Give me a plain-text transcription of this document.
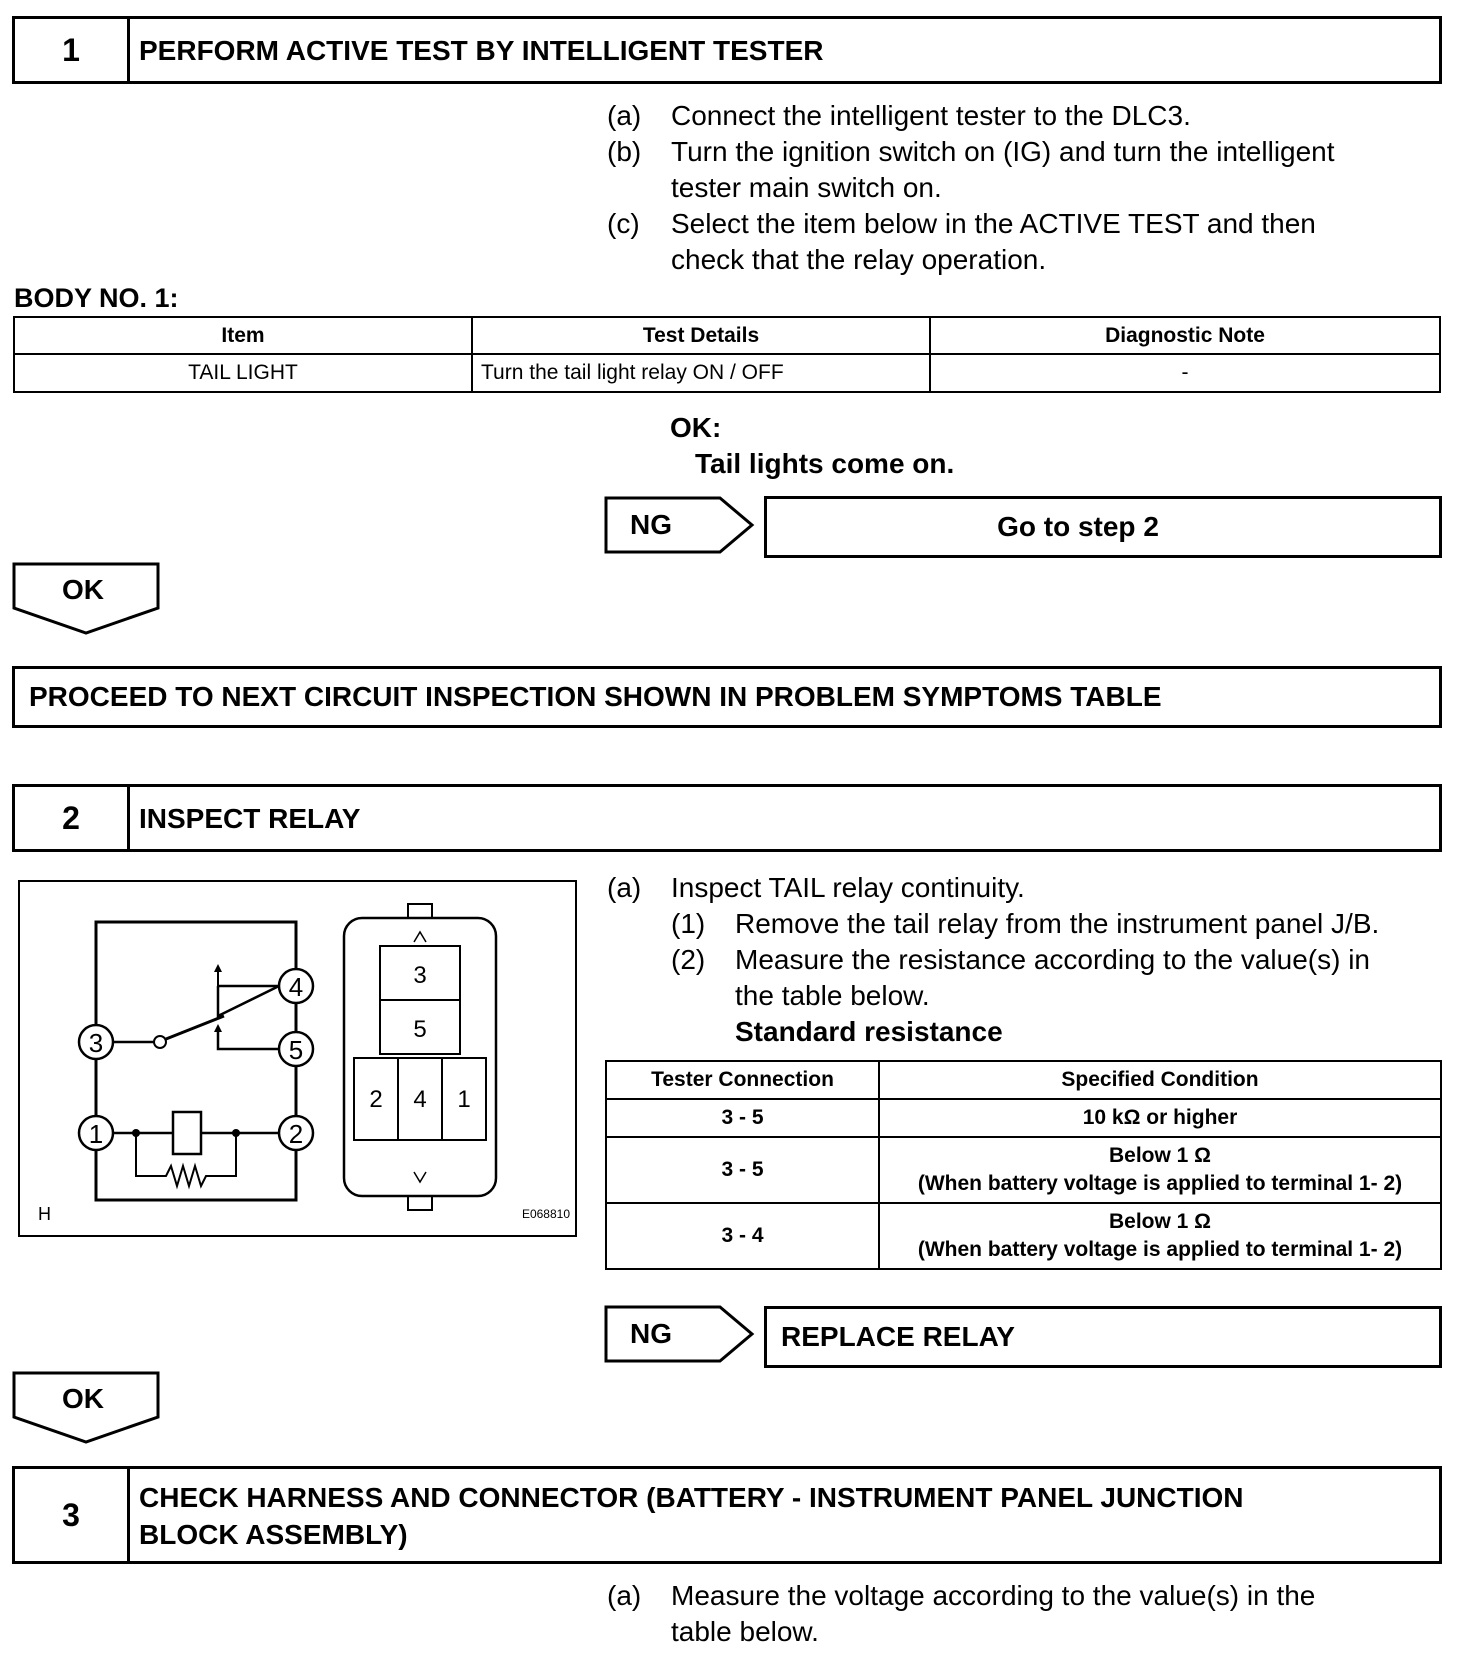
1	PERFORM ACTIVE TEST BY INTELLIGENT TESTER
(a) Connect the intelligent tester to the DLC3.
(b) Turn the ignition switch on (IG) and turn the intelligent
tester main switch on.
(c) Select the item below in the ACTIVE TEST and then
check that the relay operation.
BODY NO. 1:
Item	Test Details	Diagnostic Note
TAIL LIGHT	Turn the tail light relay ON / OFF	-
OK:
Tail lights come on.
NG	Go to step 2
OK
PROCEED TO NEXT CIRCUIT INSPECTION SHOWN IN PROBLEM SYMPTOMS TABLE
2	INSPECT RELAY
3
4
5
1	2
3
5
2 4 1
H	E068810
(a) Inspect TAIL relay continuity.
(1) Remove the tail relay from the instrument panel J/B.
(2) Measure the resistance according to the value(s) in
the table below.
Standard resistance
Tester Connection	Specified Condition
3 - 5	10 kΩ or higher
3 - 5	Below 1 Ω
(When battery voltage is applied to terminal 1- 2)

3 - 4	Below 1 Ω
(When battery voltage is applied to terminal 1- 2)
NG	REPLACE RELAY
OK
3	CHECK HARNESS AND CONNECTOR (BATTERY - INSTRUMENT PANEL JUNCTION
BLOCK ASSEMBLY)
(a) Measure the voltage according to the value(s) in the
table below.
